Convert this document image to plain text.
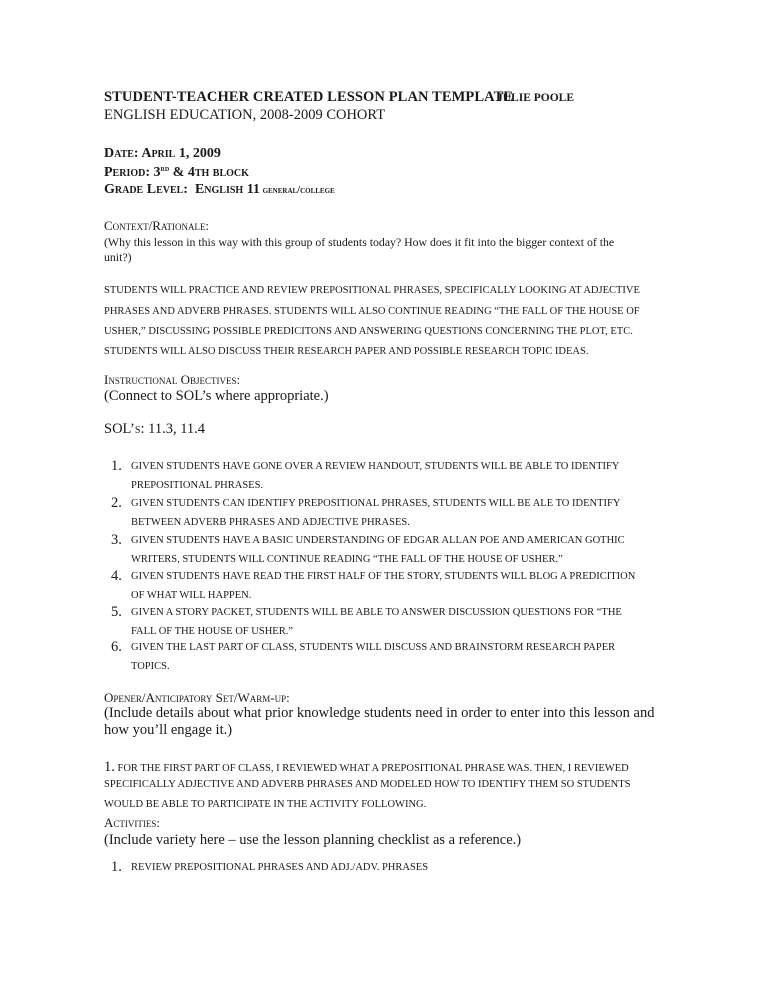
STUDENT-TEACHER CREATED LESSON PLAN TEMPLATE
JULIE POOLE
ENGLISH EDUCATION, 2008-2009 COHORT
Date: April 1, 2009
Period: 3rd & 4th block
Grade Level: English 11 general/college
Context/Rationale:
(Why this lesson in this way with this group of students today? How does it fit into the bigger context of the
unit?)
STUDENTS WILL PRACTICE AND REVIEW PREPOSITIONAL PHRASES, SPECIFICALLY LOOKING AT ADJECTIVE
PHRASES AND ADVERB PHRASES. STUDENTS WILL ALSO CONTINUE READING “THE FALL OF THE HOUSE OF
USHER,” DISCUSSING POSSIBLE PREDICITONS AND ANSWERING QUESTIONS CONCERNING THE PLOT, ETC.
STUDENTS WILL ALSO DISCUSS THEIR RESEARCH PAPER AND POSSIBLE RESEARCH TOPIC IDEAS.
Instructional Objectives:
(Connect to SOL’s where appropriate.)
SOL’s: 11.3, 11.4
1. GIVEN STUDENTS HAVE GONE OVER A REVIEW HANDOUT, STUDENTS WILL BE ABLE TO IDENTIFY
PREPOSITIONAL PHRASES.
2. GIVEN STUDENTS CAN IDENTIFY PREPOSITIONAL PHRASES, STUDENTS WILL BE ALE TO IDENTIFY
BETWEEN ADVERB PHRASES AND ADJECTIVE PHRASES.
3. GIVEN STUDENTS HAVE A BASIC UNDERSTANDING OF EDGAR ALLAN POE AND AMERICAN GOTHIC
WRITERS, STUDENTS WILL CONTINUE READING “THE FALL OF THE HOUSE OF USHER.”
4. GIVEN STUDENTS HAVE READ THE FIRST HALF OF THE STORY, STUDENTS WILL BLOG A PREDICITION
OF WHAT WILL HAPPEN.
5. GIVEN A STORY PACKET, STUDENTS WILL BE ABLE TO ANSWER DISCUSSION QUESTIONS FOR “THE
FALL OF THE HOUSE OF USHER.”
6. GIVEN THE LAST PART OF CLASS, STUDENTS WILL DISCUSS AND BRAINSTORM RESEARCH PAPER
TOPICS.
Opener/Anticipatory Set/Warm-up:
(Include details about what prior knowledge students need in order to enter into this lesson and
how you’ll engage it.)
1. FOR THE FIRST PART OF CLASS, I REVIEWED WHAT A PREPOSITIONAL PHRASE WAS. THEN, I REVIEWED
SPECIFICALLY ADJECTIVE AND ADVERB PHRASES AND MODELED HOW TO IDENTIFY THEM SO STUDENTS
WOULD BE ABLE TO PARTICIPATE IN THE ACTIVITY FOLLOWING.
Activities:
(Include variety here – use the lesson planning checklist as a reference.)
1. REVIEW PREPOSITIONAL PHRASES AND ADJ./ADV. PHRASES
